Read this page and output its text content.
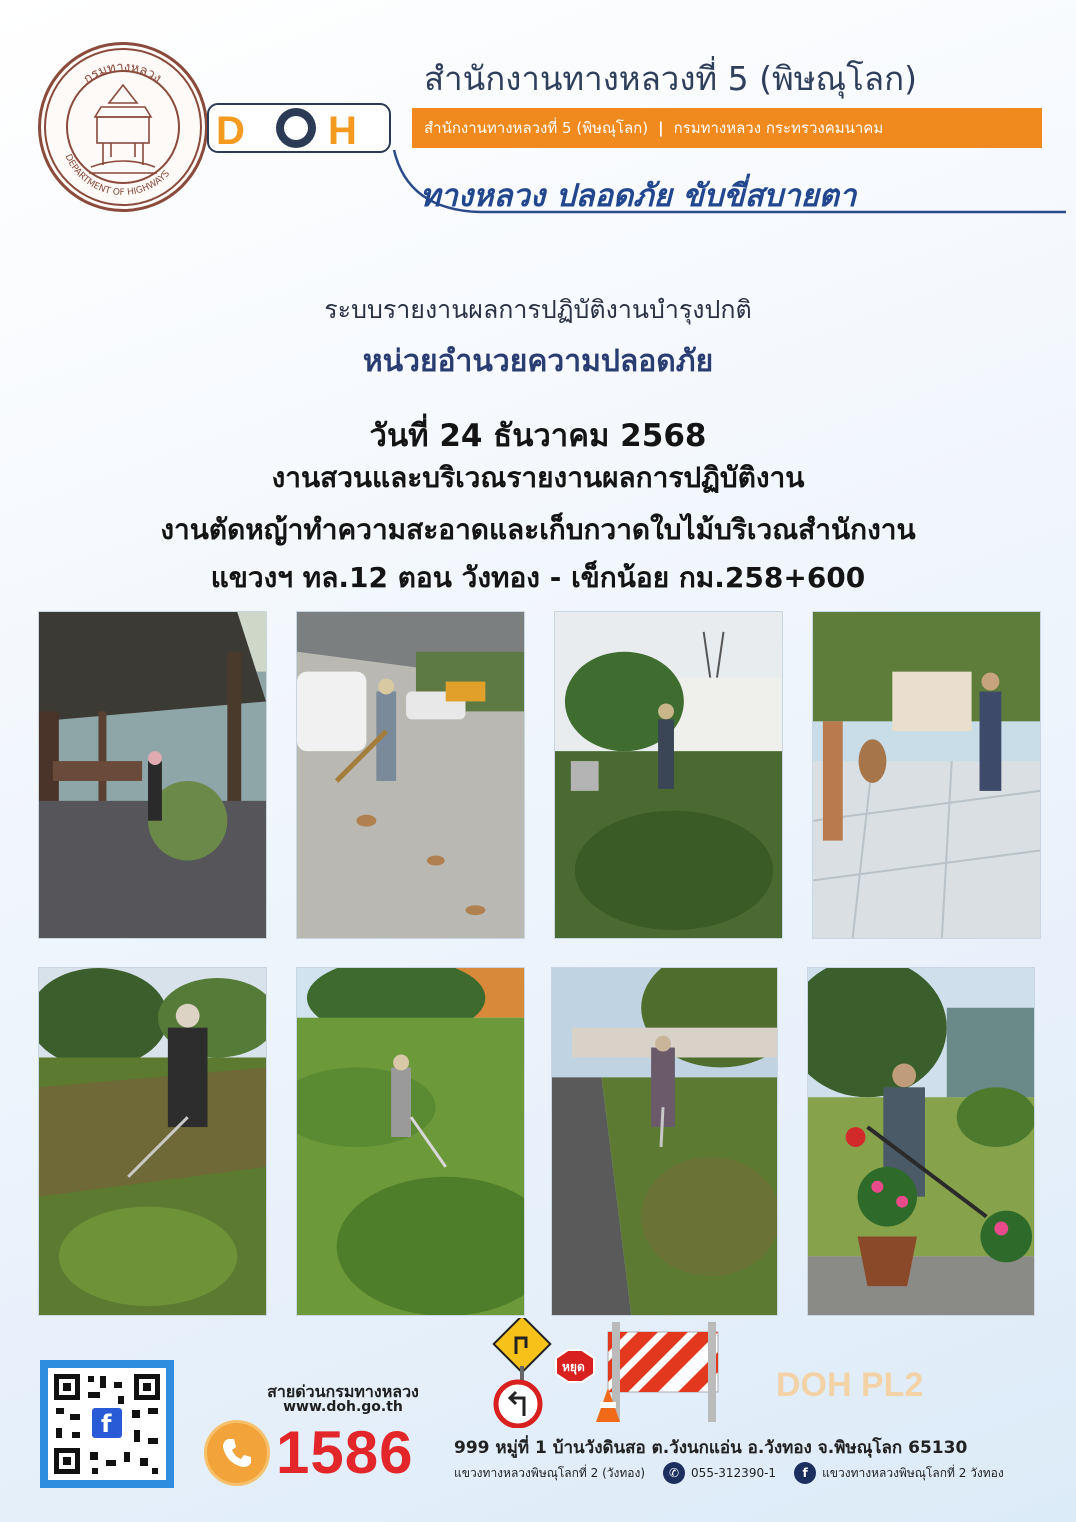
กรมทางหลวง
DEPARTMENT OF HIGHWAYS
D H
สำนักงานทางหลวงที่ 5 (พิษณุโลก)
สำนักงานทางหลวงที่ 5 (พิษณุโลก) | กรมทางหลวง กระทรวงคมนาคม
ทางหลวง ปลอดภัย ขับขี่สบายตา
ระบบรายงานผลการปฏิบัติงานบำรุงปกติ
หน่วยอำนวยความปลอดภัย
วันที่ 24 ธันวาคม 2568
งานสวนและบริเวณรายงานผลการปฏิบัติงาน
งานตัดหญ้าทำความสะอาดและเก็บกวาดใบไม้บริเวณสำนักงาน
แขวงฯ ทล.12 ตอน วังทอง - เข็กน้อย กม.258+600
f
สายด่วนกรมทางหลวง
www.doh.go.th
1586
หยุด	DOH PL2
999 หมู่ที่ 1 บ้านวังดินสอ ต.วังนกแอ่น อ.วังทอง จ.พิษณุโลก 65130
แขวงทางหลวงพิษณุโลกที่ 2 (วังทอง)	✆ 055-312390-1	f	แขวงทางหลวงพิษณุโลกที่ 2 วังทอง
